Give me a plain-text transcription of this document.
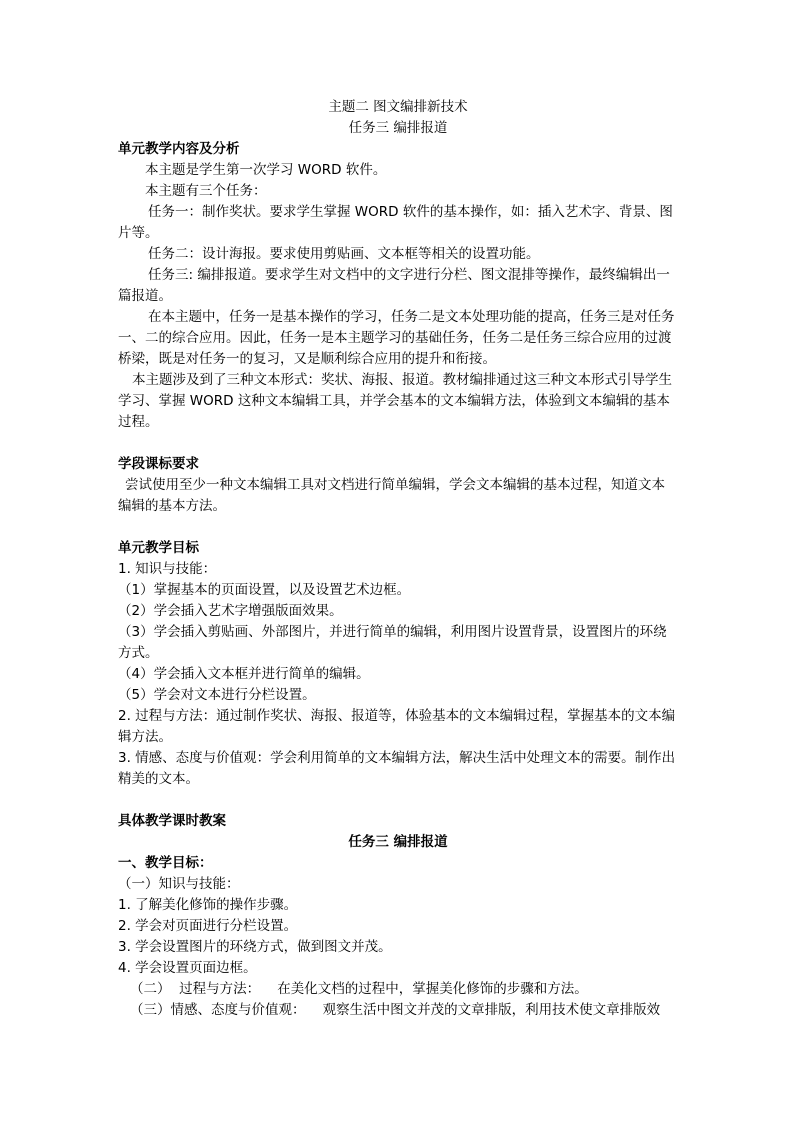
主题二 图文编排新技术
任务三 编排报道
单元教学内容及分析

本主题是学生第一次学习 WORD 软件。

本主题有三个任务：

任务一：制作奖状。要求学生掌握 WORD 软件的基本操作，如：插入艺术字、背景、图片等。

任务二：设计海报。要求使用剪贴画、文本框等相关的设置功能。

任务三: 编排报道。要求学生对文档中的文字进行分栏、图文混排等操作，最终编辑出一篇报道。

在本主题中，任务一是基本操作的学习，任务二是文本处理功能的提高，任务三是对任务一、二的综合应用。因此，任务一是本主题学习的基础任务，任务二是任务三综合应用的过渡桥梁，既是对任务一的复习，又是顺利综合应用的提升和衔接。

本主题涉及到了三种文本形式：奖状、海报、报道。教材编排通过这三种文本形式引导学生学习、掌握 WORD 这种文本编辑工具，并学会基本的文本编辑方法，体验到文本编辑的基本过程。

学段课标要求

尝试使用至少一种文本编辑工具对文档进行简单编辑，学会文本编辑的基本过程，知道文本编辑的基本方法。

单元教学目标

1. 知识与技能：

（1）掌握基本的页面设置，以及设置艺术边框。

（2）学会插入艺术字增强版面效果。

（3）学会插入剪贴画、外部图片，并进行简单的编辑，利用图片设置背景，设置图片的环绕方式。

（4）学会插入文本框并进行简单的编辑。

（5）学会对文本进行分栏设置。

2. 过程与方法：通过制作奖状、海报、报道等，体验基本的文本编辑过程，掌握基本的文本编辑方法。

3. 情感、态度与价值观：学会利用简单的文本编辑方法，解决生活中处理文本的需要。制作出精美的文本。

具体教学课时教案
任务三 编排报道
一、教学目标：

（一）知识与技能：

1. 了解美化修饰的操作步骤。

2. 学会对页面进行分栏设置。

3. 学会设置图片的环绕方式，做到图文并茂。

4. 学会设置页面边框。

（二）  过程与方法：    在美化文档的过程中，掌握美化修饰的步骤和方法。

（三）情感、态度与价值观：    观察生活中图文并茂的文章排版，利用技术使文章排版效
